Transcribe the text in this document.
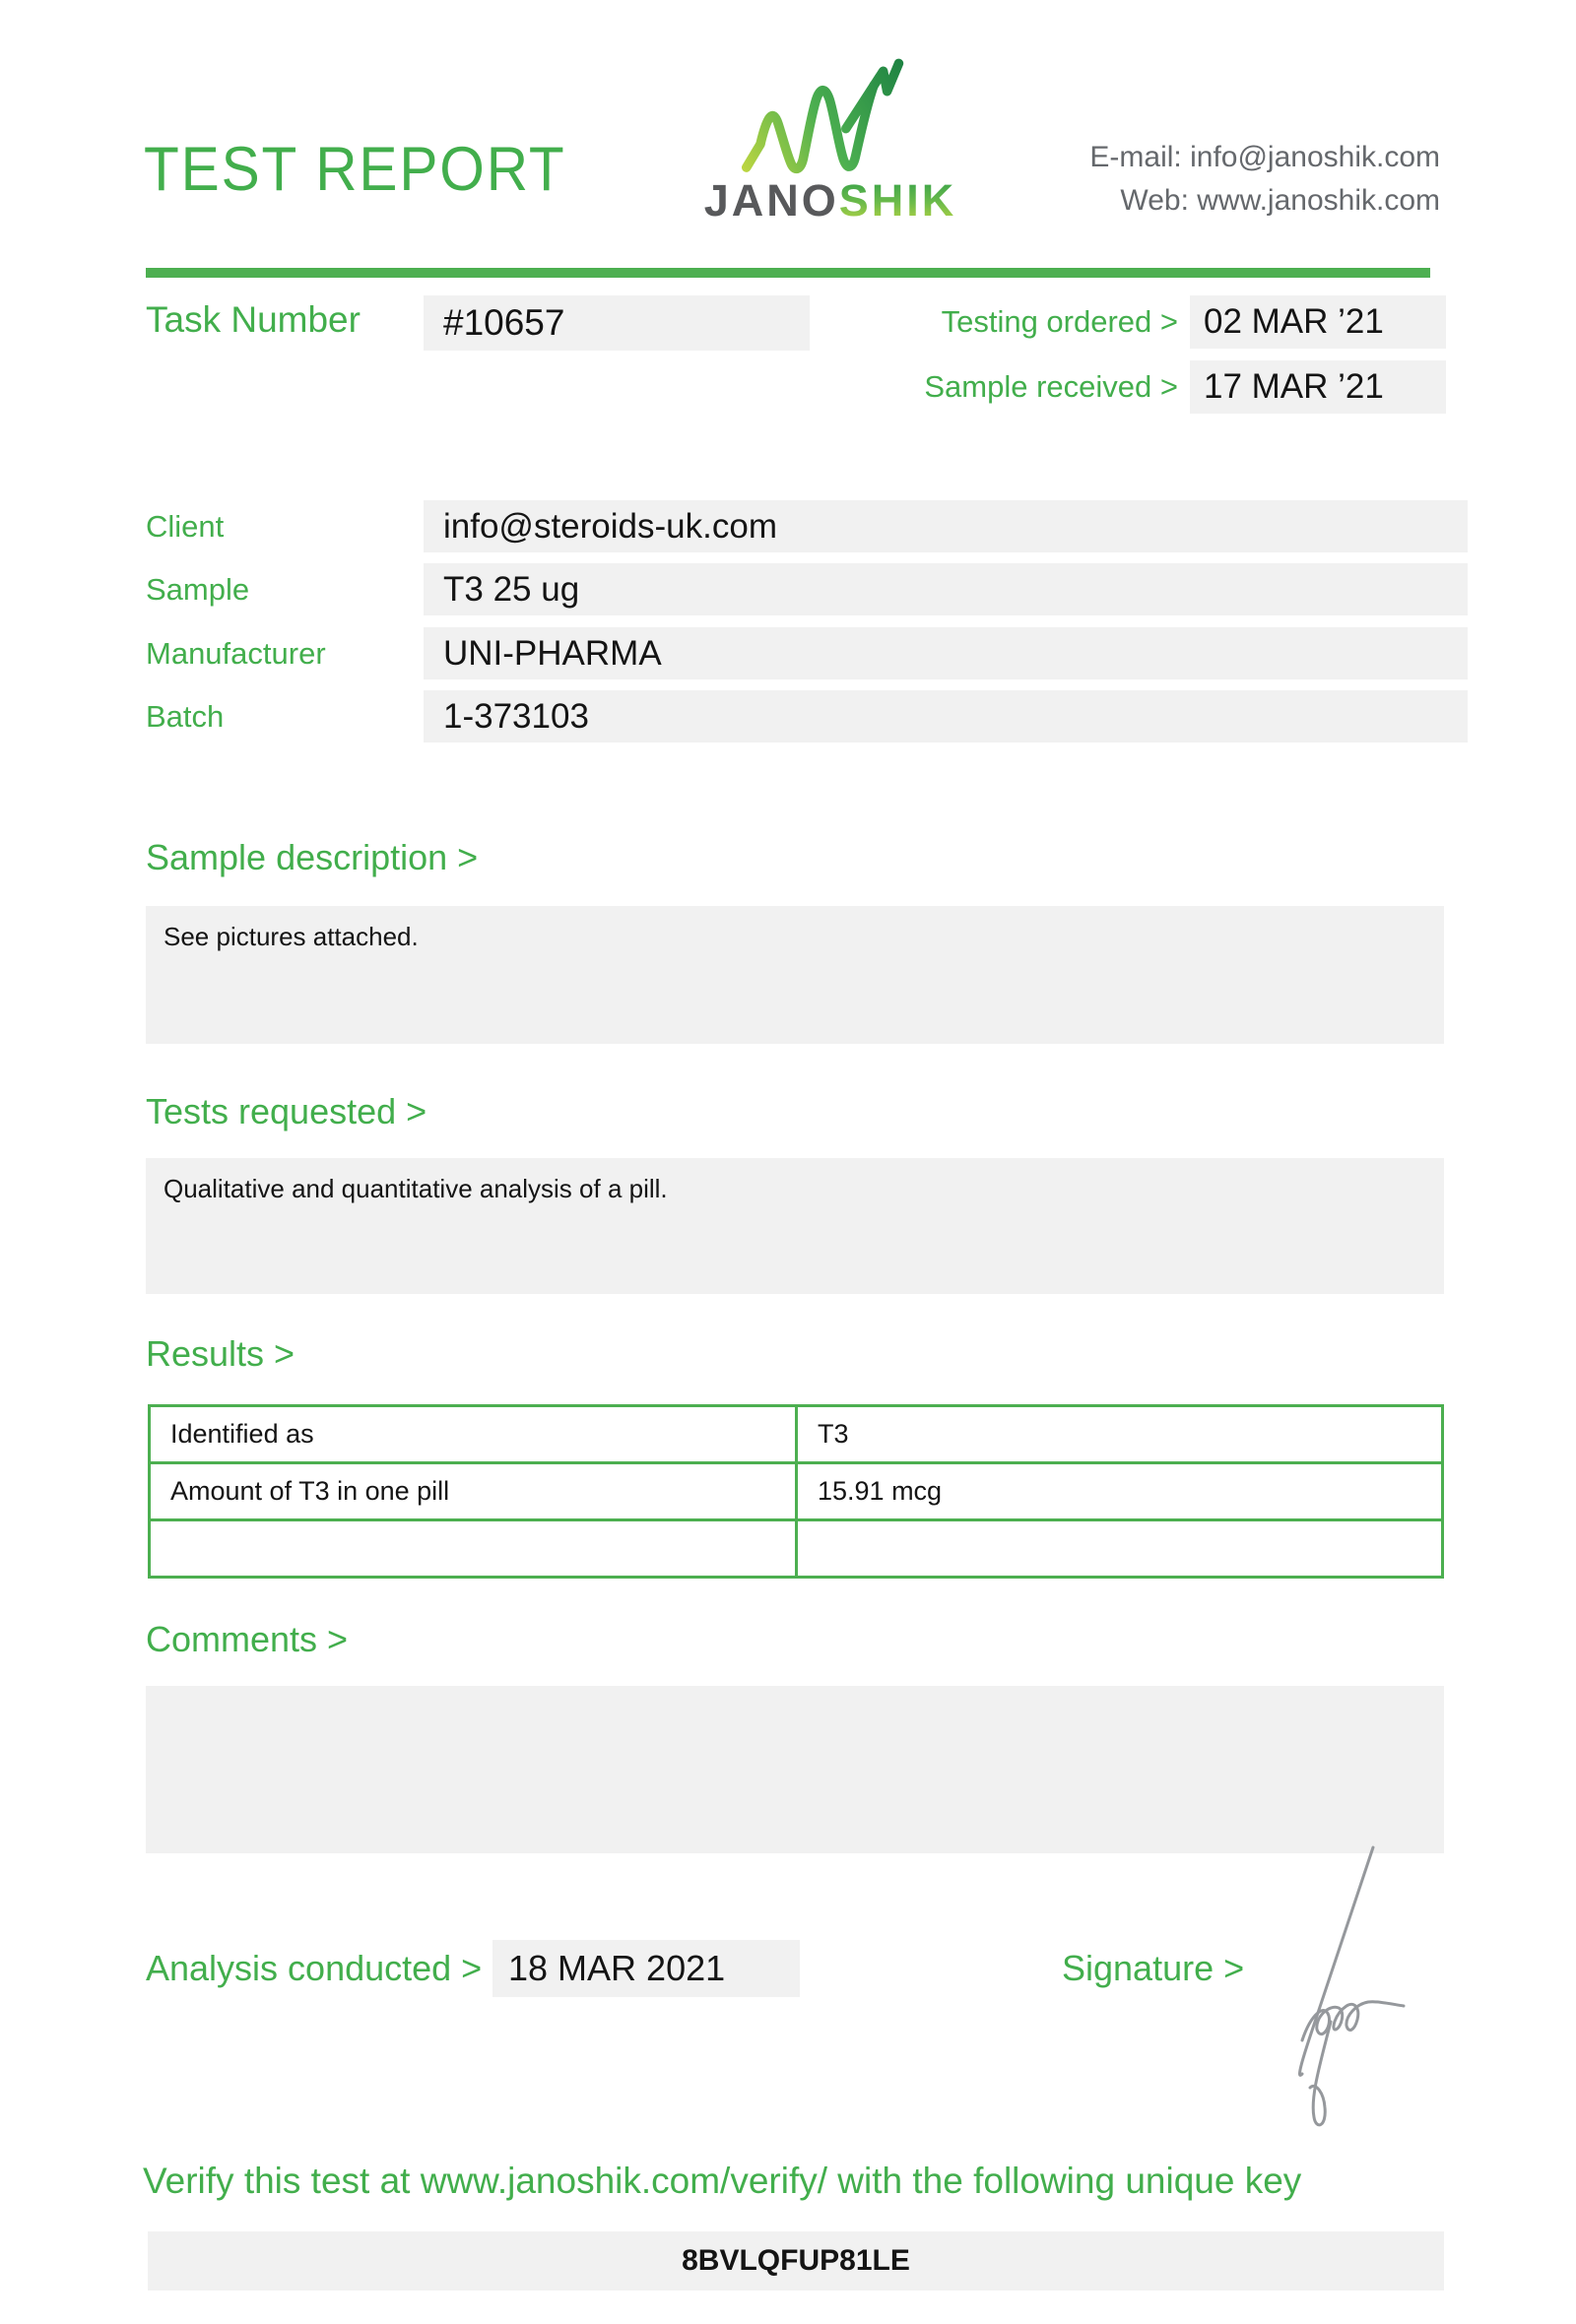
TEST REPORT	JANOSHIK
E-mail: info@janoshik.com
Web: www.janoshik.com
Task Number	#10657	Testing ordered > 02 MAR ’21
Sample received > 17 MAR ’21
Client	info@steroids-uk.com
Sample	T3 25 ug
Manufacturer	UNI-PHARMA
Batch	1-373103
Sample description >
See pictures attached.
Tests requested >
Qualitative and quantitative analysis of a pill.
Results >
Identified as	T3
Amount of T3 in one pill	15.91 mcg

Comments >
Analysis conducted > 18 MAR 2021	Signature >
Verify this test at www.janoshik.com/verify/ with the following unique key
8BVLQFUP81LE
